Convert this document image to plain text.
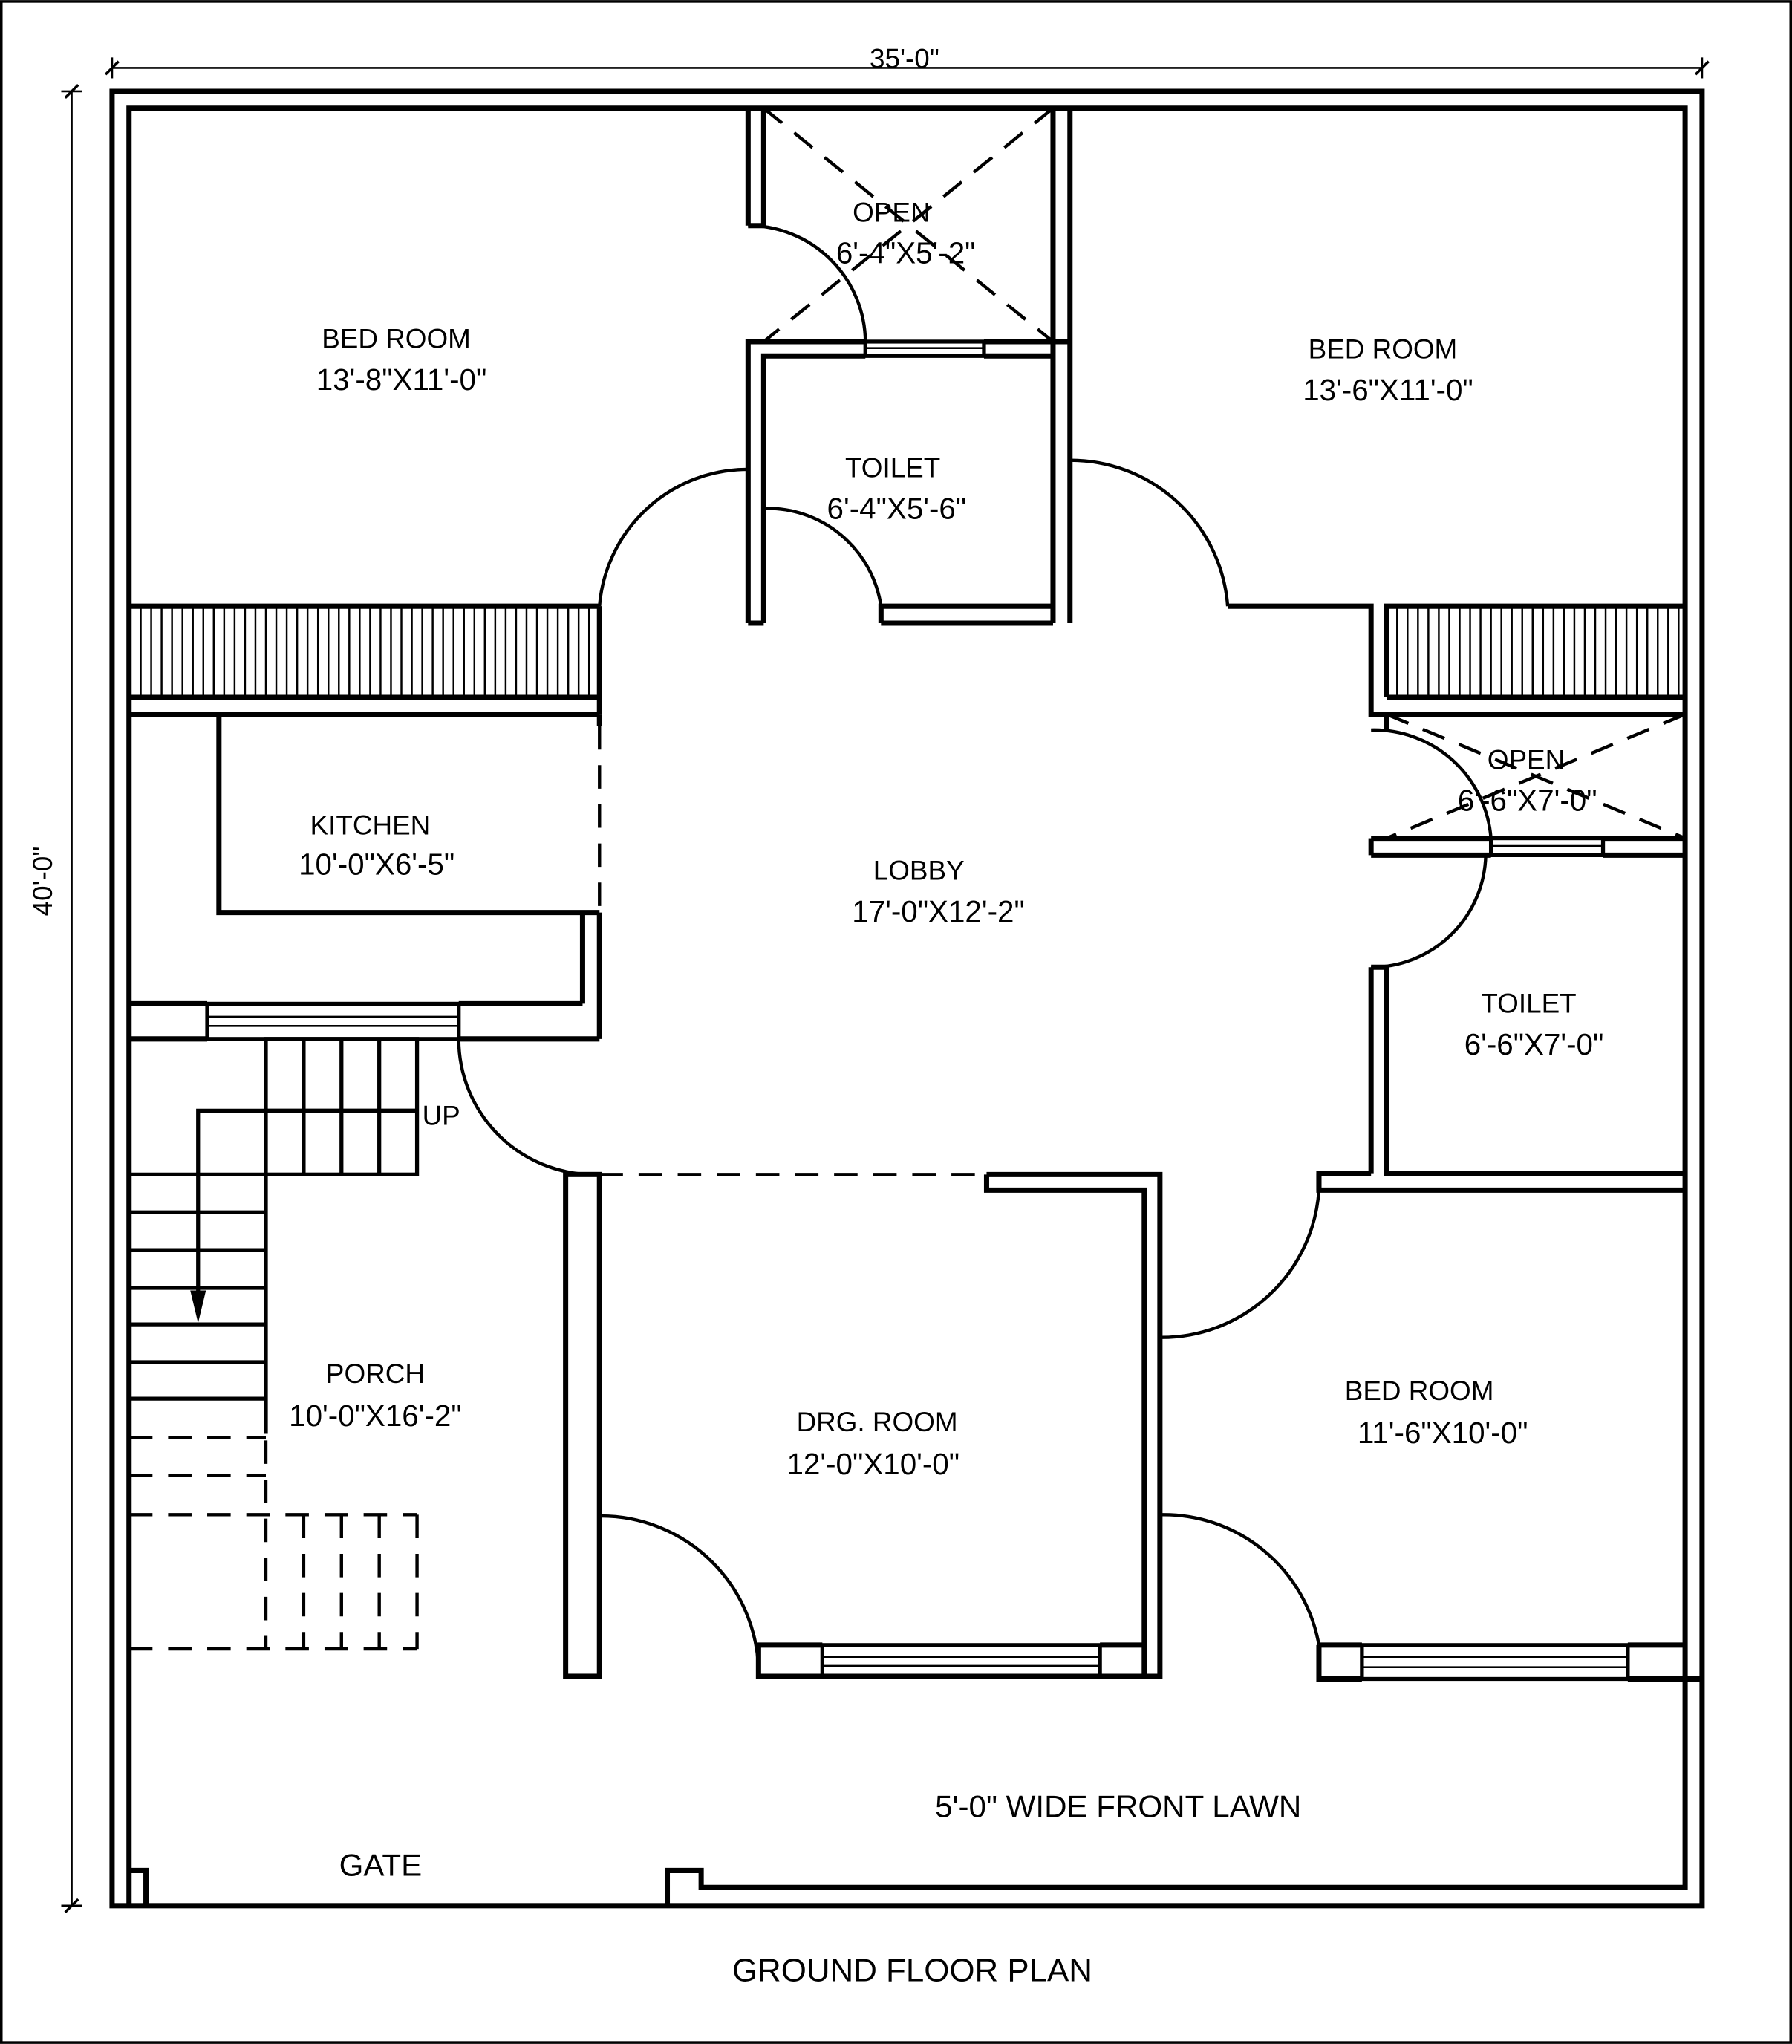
35'-0"
40'-0"
UP
BED ROOM
13'-8"X11'-0"
OPEN
6'-4"X5'-2"
BED ROOM
13'-6"X11'-0"
TOILET
6'-4"X5'-6"
KITCHEN
10'-0"X6'-5"	LOBBY
17'-0"X12'-2"
OPEN
6'-6"X7'-0"
TOILET
6'-6"X7'-0"
PORCH
10'-0"X16'-2"	DRG. ROOM
12'-0"X10'-0"
BED ROOM
11'-6"X10'-0"
5'-0" WIDE FRONT LAWN
GATE
GROUND FLOOR PLAN
